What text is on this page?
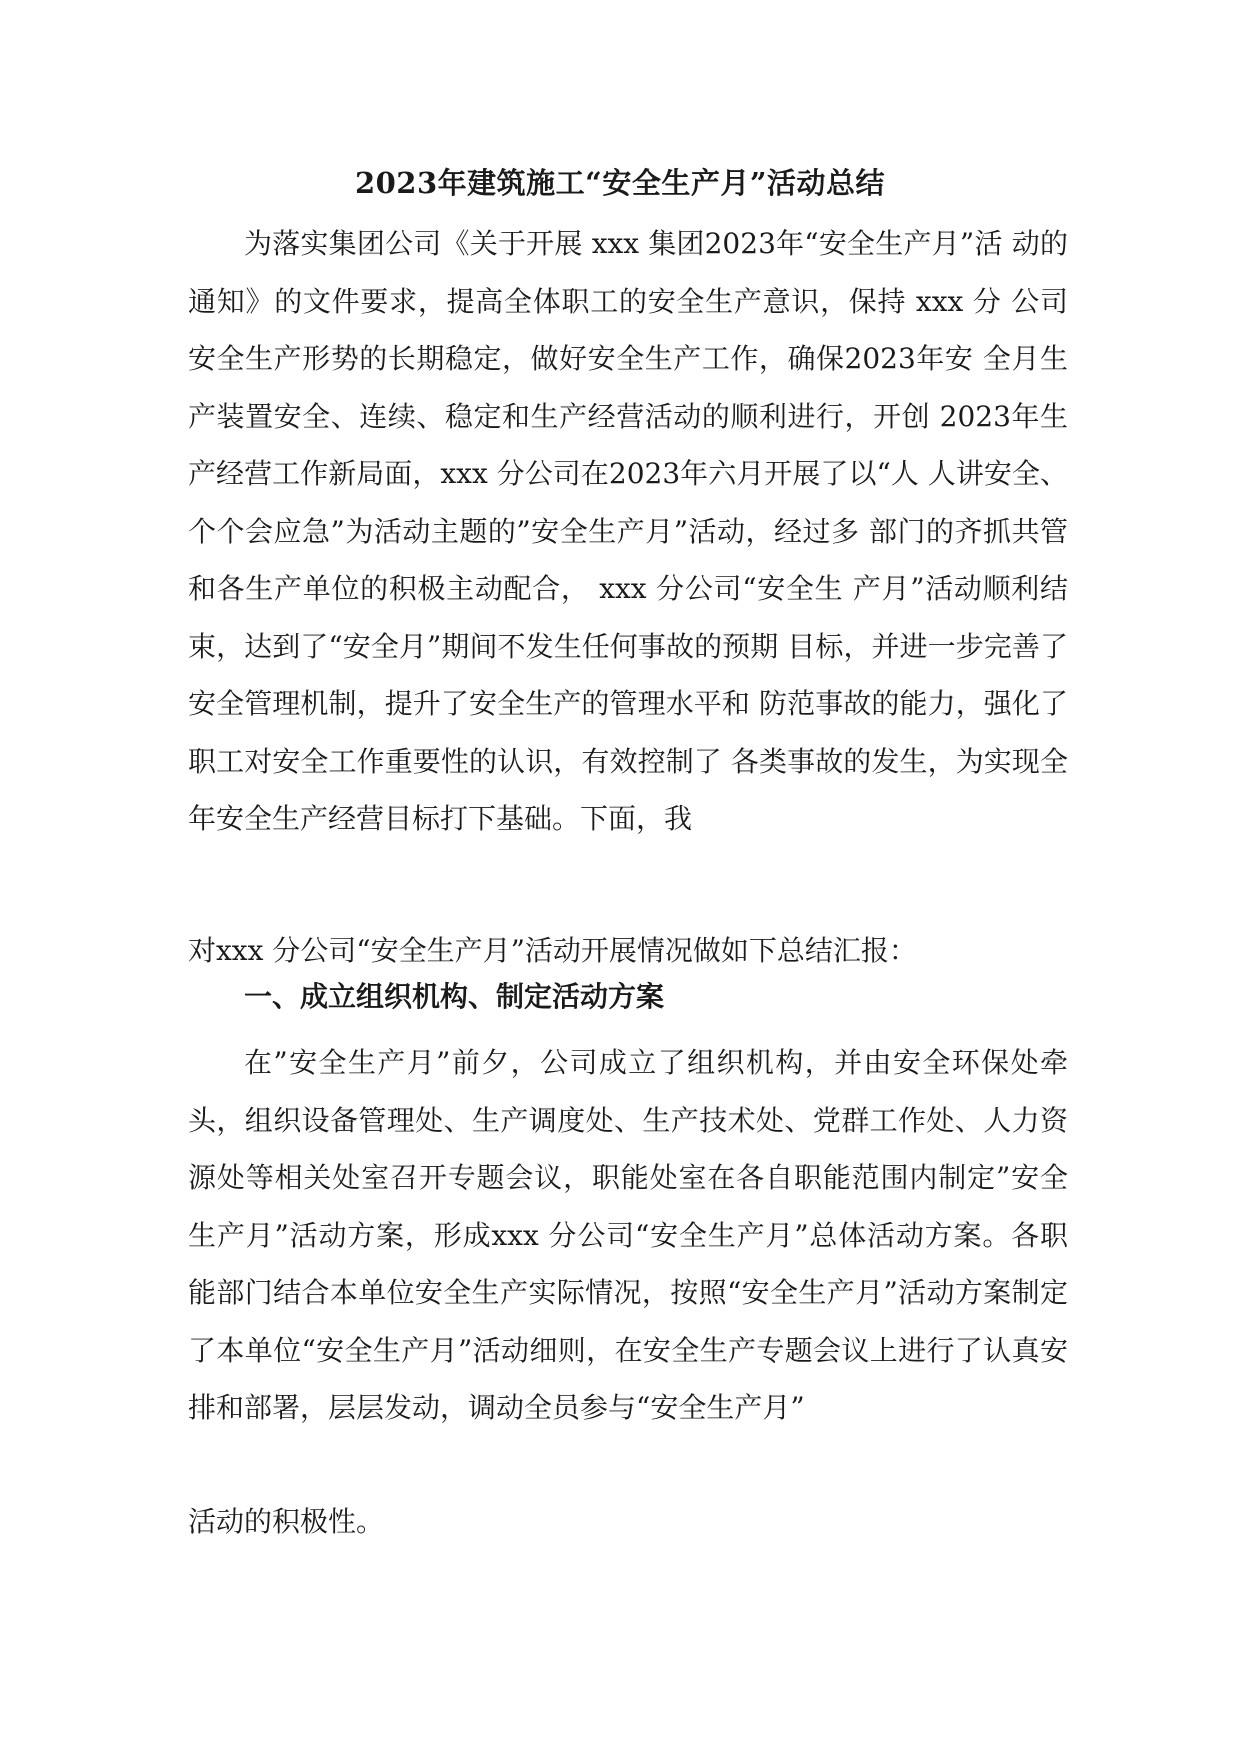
2023年建筑施工“安全生产月”活动总结

为落实集团公司《关于开展 xxx 集团2023年“安全生产月”活 动的通知》的文件要求，提高全体职工的安全生产意识，保持 xxx 分 公司安全生产形势的长期稳定，做好安全生产工作，确保2023年安 全月生产装置安全、连续、稳定和生产经营活动的顺利进行，开创 2023年生产经营工作新局面，xxx 分公司在2023年六月开展了以“人 人讲安全、个个会应急”为活动主题的”安全生产月”活动，经过多 部门的齐抓共管和各生产单位的积极主动配合， xxx 分公司“安全生 产月”活动顺利结束，达到了“安全月”期间不发生任何事故的预期 目标，并进一步完善了安全管理机制，提升了安全生产的管理水平和 防范事故的能力，强化了职工对安全工作重要性的认识，有效控制了 各类事故的发生，为实现全年安全生产经营目标打下基础。下面，我

对xxx 分公司“安全生产月”活动开展情况做如下总结汇报：

一、成立组织机构、制定活动方案

在”安全生产月”前夕，公司成立了组织机构，并由安全环保处牵头，组织设备管理处、生产调度处、生产技术处、党群工作处、人力资源处等相关处室召开专题会议，职能处室在各自职能范围内制定”安全生产月”活动方案，形成xxx 分公司“安全生产月”总体活动方案。各职能部门结合本单位安全生产实际情况，按照“安全生产月”活动方案制定了本单位“安全生产月”活动细则，在安全生产专题会议上进行了认真安排和部署，层层发动，调动全员参与“安全生产月”

活动的积极性。
